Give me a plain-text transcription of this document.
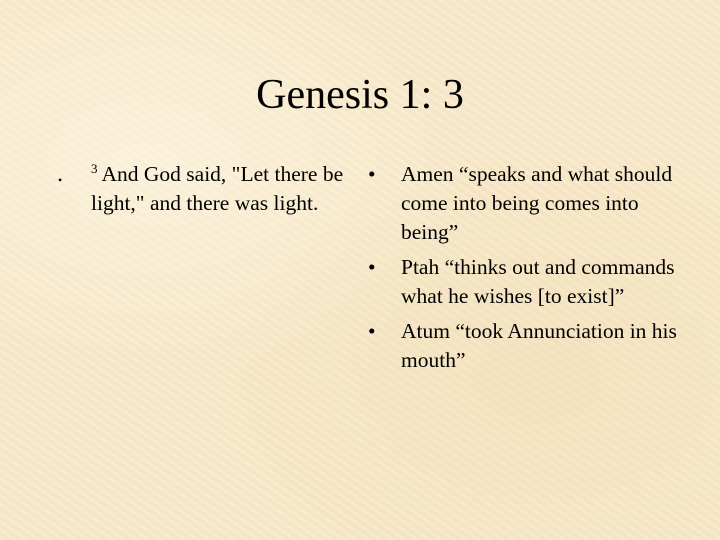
Genesis 1: 3
•
$^3$ And God said, "Let there be light," and there was light.
•	Amen “speaks and what should come into being comes into being”
•	Ptah “thinks out and commands what he wishes [to exist]”
•	Atum “took Annunciation in his mouth”
